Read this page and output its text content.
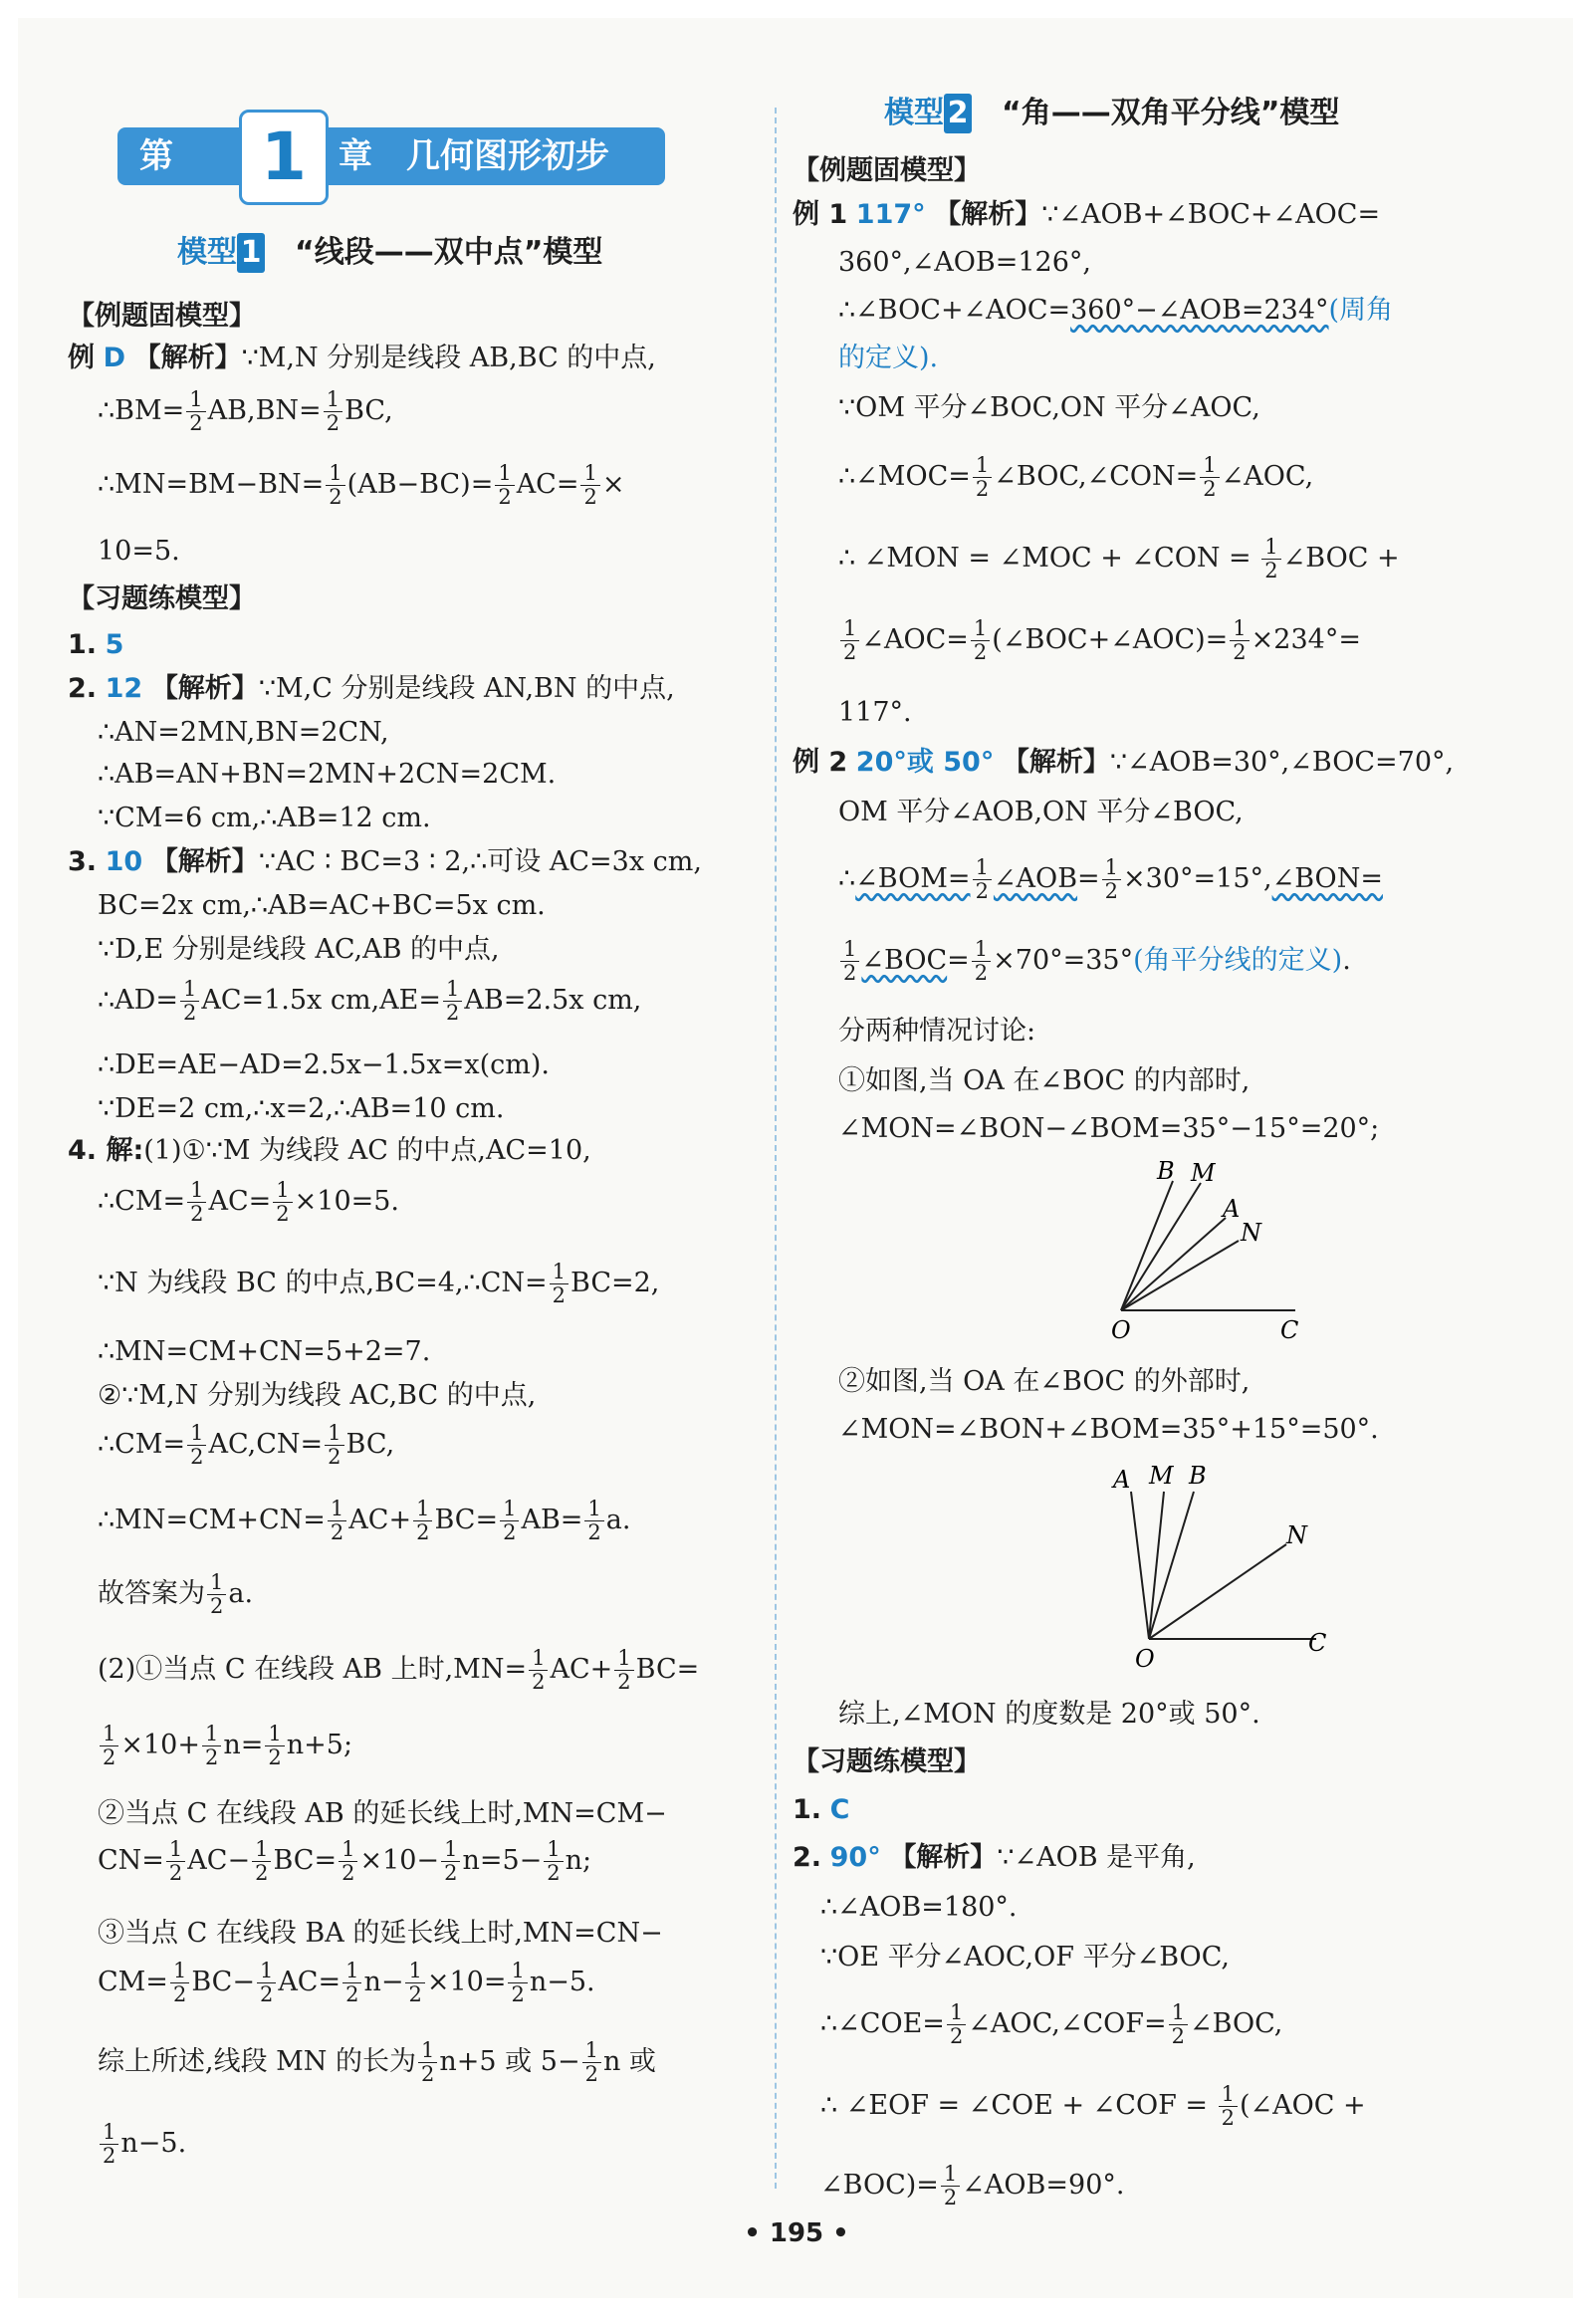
第	1 章 几何图形初步
模型 1 “线段——双中点”模型
【例题固模型】
例 D 【解析】∵M,N 分别是线段 AB,BC 的中点,
∴BM= $\frac{1}{2} AB,BN= \frac{1}{2}$ BC,
∴MN=BM−BN= $\frac{1}{2} (AB-BC)= \frac{1}{2} AC= \frac{1}{2}$ ×
10=5.
【习题练模型】
1. 5
2. 12 【解析】∵M,C 分别是线段 AN,BN 的中点,
∴AN=2MN,BN=2CN,
∴AB=AN+BN=2MN+2CN=2CM.
∵CM=6 cm,∴AB=12 cm.
3. 10 【解析】∵AC ∶ BC=3 ∶ 2,∴可设 AC=3x cm,
BC=2x cm,∴AB=AC+BC=5x cm.
∵D,E 分别是线段 AC,AB 的中点,
∴AD= $\frac{1}{2} AC=1.5x$ $cm,AE= \frac{1}{2} AB=2.5x$ cm,
∴DE=AE−AD=2.5x−1.5x=x(cm).
∵DE=2 cm,∴x=2,∴AB=10 cm.
4. 解:(1)①∵M 为线段 AC 的中点,AC=10,
∴CM= $\frac{1}{2} AC= \frac{1}{2} \times 10=5$.
∵N 为线段 BC 的中点,BC=4,∴CN= $\frac{1}{2} BC=2$,
∴MN=CM+CN=5+2=7.
②∵M,N 分别为线段 AC,BC 的中点,
∴CM= $\frac{1}{2} AC,CN= \frac{1}{2}$ BC,
∴MN=CM+CN= $\frac{1}{2} AC+ \frac{1}{2} BC= \frac{1}{2} AB= \frac{1}{2} a$.
故答案为 $\frac{1}{2} a$.
(2)①当点 C 在线段 AB 上时$,MN= \frac{1}{2} AC+ \frac{1}{2} BC=$
$\frac{1}{2} \times 10+ \frac{1}{2} n= \frac{1}{2} n+5$;
②当点 C 在线段 AB 的延长线上时,MN=CM−
$CN= \frac{1}{2} AC- \frac{1}{2} BC= \frac{1}{2} \times 10- \frac{1}{2} n=5- \frac{1}{2} n$;
③当点 C 在线段 BA 的延长线上时,MN=CN−
$CM= \frac{1}{2} BC- \frac{1}{2} AC= \frac{1}{2} n- \frac{1}{2} \times 10= \frac{1}{2} n-5$.
综上所述,线段 MN 的长为 $\frac{1}{2} n+5$ 或 $5- \frac{1}{2}$ n 或
$\frac{1}{2} n-5$.
模型 2 “角——双角平分线”模型
【例题固模型】
例 1 117° 【解析】∵∠AOB+∠BOC+∠AOC=
360°,∠AOB=126°,
∴∠BOC+∠AOC=360°−∠AOB=234°(周角
的定义).
∵OM 平分∠BOC,ON 平分∠AOC,
∴∠MOC= $\frac{1}{2}$ ∠BOC,∠CON= $\frac{1}{2}$ ∠AOC,
∴ ∠MON = ∠MOC + ∠CON = $\frac{1}{2}$ ∠BOC +
$\frac{1}{2}$ ∠AOC= $\frac{1}{2}$ (∠BOC+∠AOC)= $\frac{1}{2} \times 234^\circ=$
117°.
例 2 20°或 50° 【解析】∵∠AOB=30°,∠BOC=70°,
OM 平分∠AOB,ON 平分∠BOC,
∴∠BOM= $\frac{1}{2}$ ∠AOB= $\frac{1}{2}$ ×30°=15°,∠BON=
$\frac{1}{2}$ ∠BOC= $\frac{1}{2} \times 70^\circ=35^\circ$(角平分线的定义).
分两种情况讨论:
①如图,当 OA 在∠BOC 的内部时,
∠MON=∠BON−∠BOM=35°−15°=20°;
B M
A
N
O	C
②如图,当 OA 在∠BOC 的外部时,
∠MON=∠BON+∠BOM=35°+15°=50°.
A M B
N
O
C
综上,∠MON 的度数是 20°或 50°.
【习题练模型】
1. C
2. 90° 【解析】∵∠AOB 是平角,
∴∠AOB=180°.
∵OE 平分∠AOC,OF 平分∠BOC,
∴∠COE= $\frac{1}{2}$ ∠AOC,∠COF= $\frac{1}{2}$ ∠BOC,
∴ ∠EOF = ∠COE + ∠COF = $\frac{1}{2}$ (∠AOC +
∠BOC)= $\frac{1}{2}$ ∠AOB=90°.
• 195 •
